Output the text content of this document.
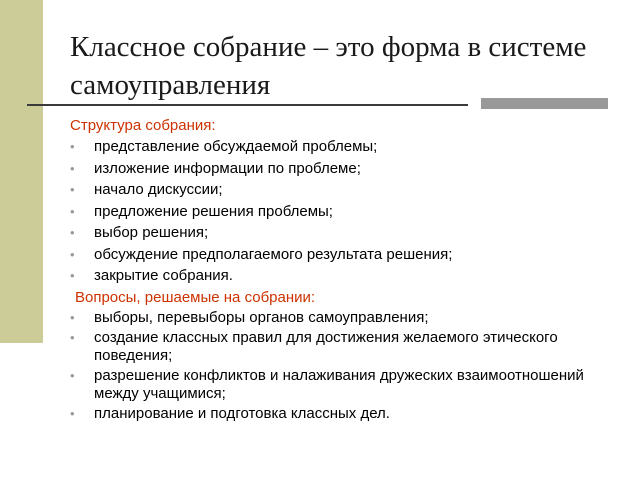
Классное собрание – это форма в системе самоуправления
Структура собрания:
• представление обсуждаемой проблемы;
• изложение информации по проблеме;
• начало дискуссии;
• предложение решения проблемы;
• выбор решения;
• обсуждение предполагаемого результата решения;
• закрытие собрания.
Вопросы, решаемые на собрании:
• выборы, перевыборы органов самоуправления;
• создание классных правил для достижения желаемого этического поведения;
• разрешение конфликтов и налаживания дружеских взаимоотношений между учащимися;
• планирование и подготовка классных дел.
